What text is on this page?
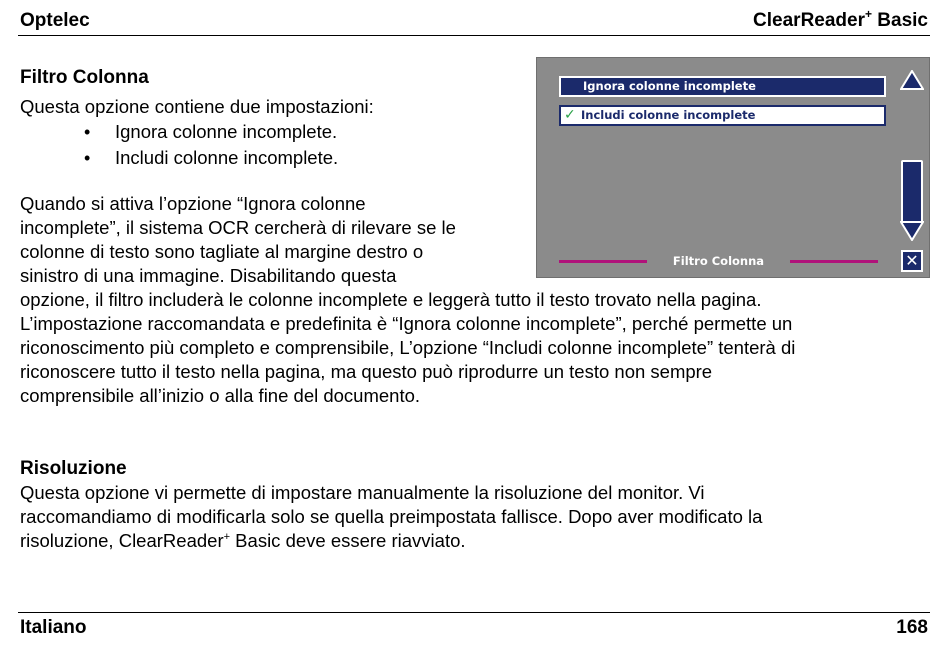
Optelec	ClearReader+ Basic
Filtro Colonna
Questa opzione contiene due impostazioni:
• Ignora colonne incomplete.
• Includi colonne incomplete.
Quando si attiva l’opzione “Ignora colonne
incomplete”, il sistema OCR cercherà di rilevare se le
colonne di testo sono tagliate al margine destro o
sinistro di una immagine. Disabilitando questa
opzione, il filtro includerà le colonne incomplete e leggerà tutto il testo trovato nella pagina.
L’impostazione raccomandata e predefinita è “Ignora colonne incomplete”, perché permette un
riconoscimento più completo e comprensibile, L’opzione “Includi colonne incomplete” tenterà di
riconoscere tutto il testo nella pagina, ma questo può riprodurre un testo non sempre
comprensibile all’inizio o alla fine del documento.
Ignora colonne incomplete
✓ Includi colonne incomplete
Filtro Colonna	✕
Risoluzione
Questa opzione vi permette di impostare manualmente la risoluzione del monitor. Vi
raccomandiamo di modificarla solo se quella preimpostata fallisce. Dopo aver modificato la
risoluzione, ClearReader+ Basic deve essere riavviato.
Italiano	168
